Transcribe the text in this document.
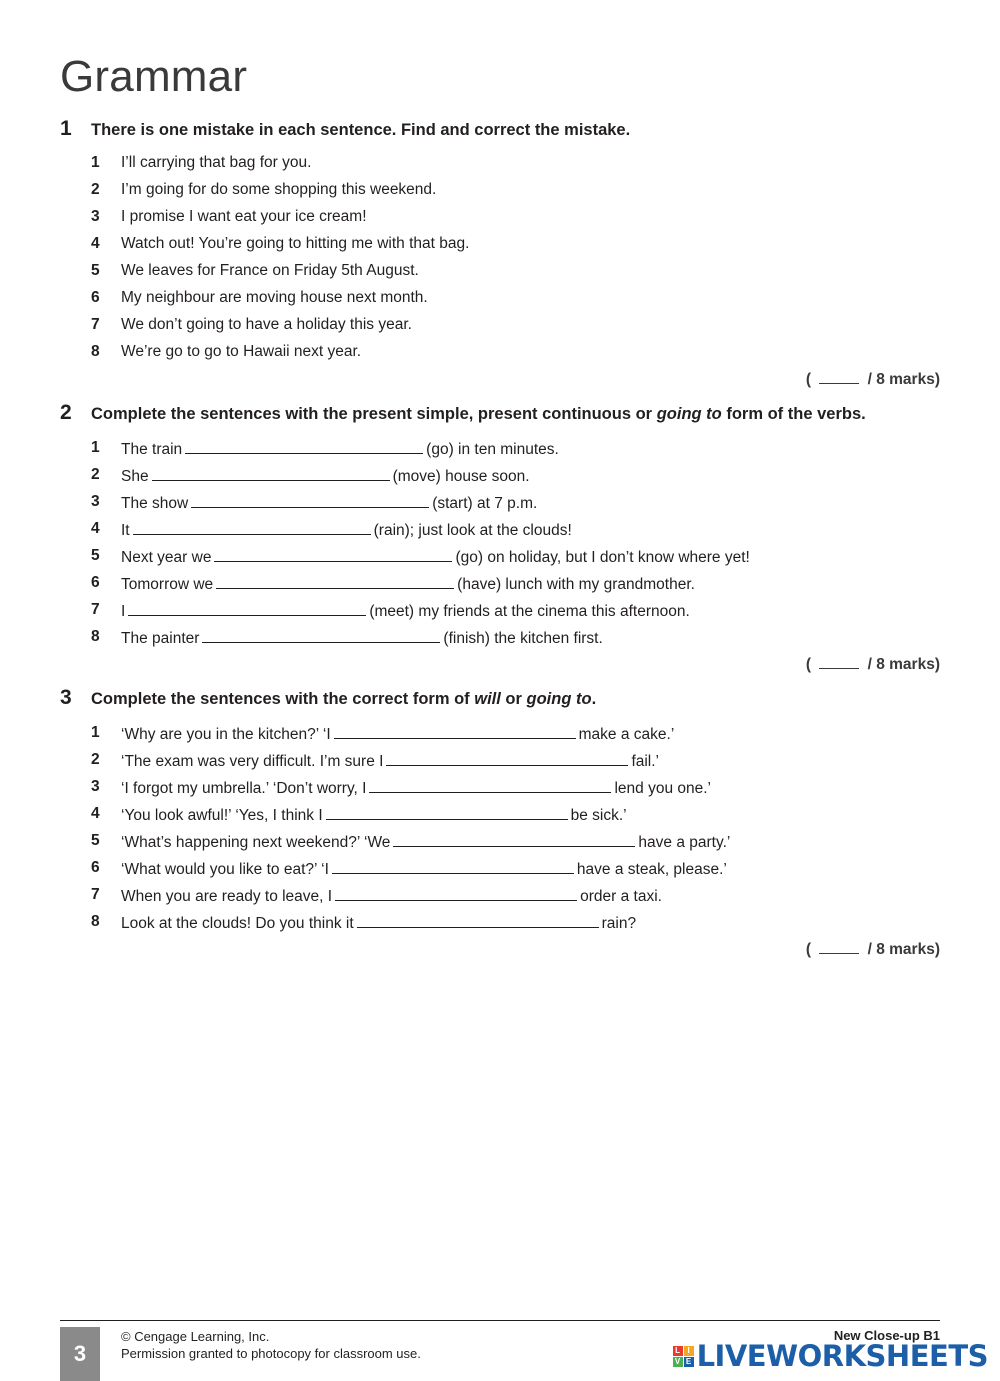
Grammar
1 There is one mistake in each sentence. Find and correct the mistake.
1 I’ll carrying that bag for you.
2 I’m going for do some shopping this weekend.
3 I promise I want eat your ice cream!
4 Watch out! You’re going to hitting me with that bag.
5 We leaves for France on Friday 5th August.
6 My neighbour are moving house next month.
7 We don’t going to have a holiday this year.
8 We’re go to go to Hawaii next year.
(	/ 8 marks)
2 Complete the sentences with the present simple, present continuous or going to form of the verbs.
1 The train	(go) in ten minutes.
2 She	(move) house soon.
3 The show	(start) at 7 p.m.
4 It	(rain); just look at the clouds!
5 Next year we	(go) on holiday, but I don’t know where yet!
6 Tomorrow we	(have) lunch with my grandmother.
7 I	(meet) my friends at the cinema this afternoon.
8 The painter	(finish) the kitchen first.
(	/ 8 marks)
3 Complete the sentences with the correct form of will or going to.
1 ‘Why are you in the kitchen?’ ‘I	make a cake.’
2 ‘The exam was very difficult. I’m sure I	fail.’
3 ‘I forgot my umbrella.’ ‘Don’t worry, I	lend you one.’
4 ‘You look awful!’ ‘Yes, I think I	be sick.’
5 ‘What’s happening next weekend?’ ‘We	have a party.’
6 ‘What would you like to eat?’ ‘I	have a steak, please.’
7 When you are ready to leave, I	order a taxi.
8 Look at the clouds! Do you think it	rain?
(	/ 8 marks)
3
© Cengage Learning, Inc.
Permission granted to photocopy for classroom use.
New Close-up B1
L I
V E LIVEWORKSHEETS
